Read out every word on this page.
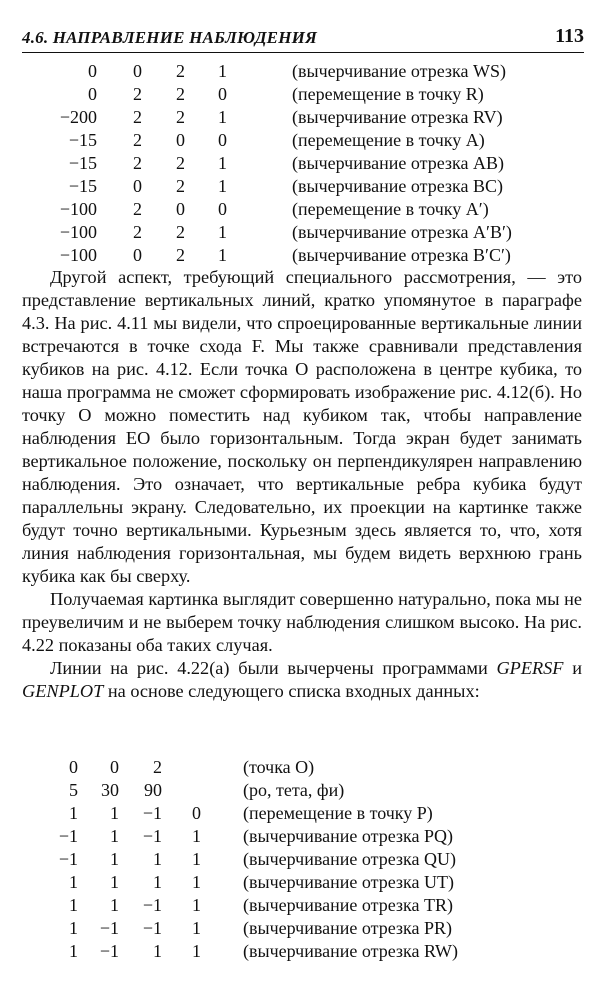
4.6. НАПРАВЛЕНИЕ НАБЛЮДЕНИЯ	113
0 0 2 1	(вычерчивание отрезка WS)
0 2 2 0	(перемещение в точку R)
−200 2 2 1	(вычерчивание отрезка RV)
−15 2 0 0	(перемещение в точку A)
−15 2 2 1	(вычерчивание отрезка AB)
−15 0 2 1	(вычерчивание отрезка BC)
−100 2 0 0	(перемещение в точку A′)
−100 2 2 1	(вычерчивание отрезка A′B′)
−100 0 2 1	(вычерчивание отрезка B′C′)

Другой аспект, требующий специального рассмотрения, — это представление вертикальных линий, кратко упомянутое в параграфе 4.3. На рис. 4.11 мы видели, что спроецированные вертикальные линии встречаются в точке схода F. Мы также сравнивали представления кубиков на рис. 4.12. Если точка O расположена в центре кубика, то наша программа не сможет сформировать изображение рис. 4.12(б). Но точку O можно поместить над кубиком так, чтобы направление наблюдения EO было горизонтальным. Тогда экран будет занимать вертикальное положение, поскольку он перпендикулярен направлению наблюдения. Это означает, что вертикальные ребра кубика будут параллельны экрану. Следовательно, их проекции на картинке также будут точно вертикальными. Курьезным здесь является то, что, хотя линия наблюдения горизонтальная, мы будем видеть верхнюю грань кубика как бы сверху.

Получаемая картинка выглядит совершенно натурально, пока мы не преувеличим и не выберем точку наблюдения слишком высоко. На рис. 4.22 показаны оба таких случая.

Линии на рис. 4.22(а) были вычерчены программами GPERSF и GENPLOT на основе следующего списка входных данных:

0 0 2	(точка O)
5 30 90	(ро, тета, фи)
1 1 −1 0 (перемещение в точку P)
−1 1 −1 1 (вычерчивание отрезка PQ)
−1 1 1 1 (вычерчивание отрезка QU)
1 1 1 1 (вычерчивание отрезка UT)
1 1 −1 1 (вычерчивание отрезка TR)
1 −1 −1 1 (вычерчивание отрезка PR)
1 −1 1 1 (вычерчивание отрезка RW)
